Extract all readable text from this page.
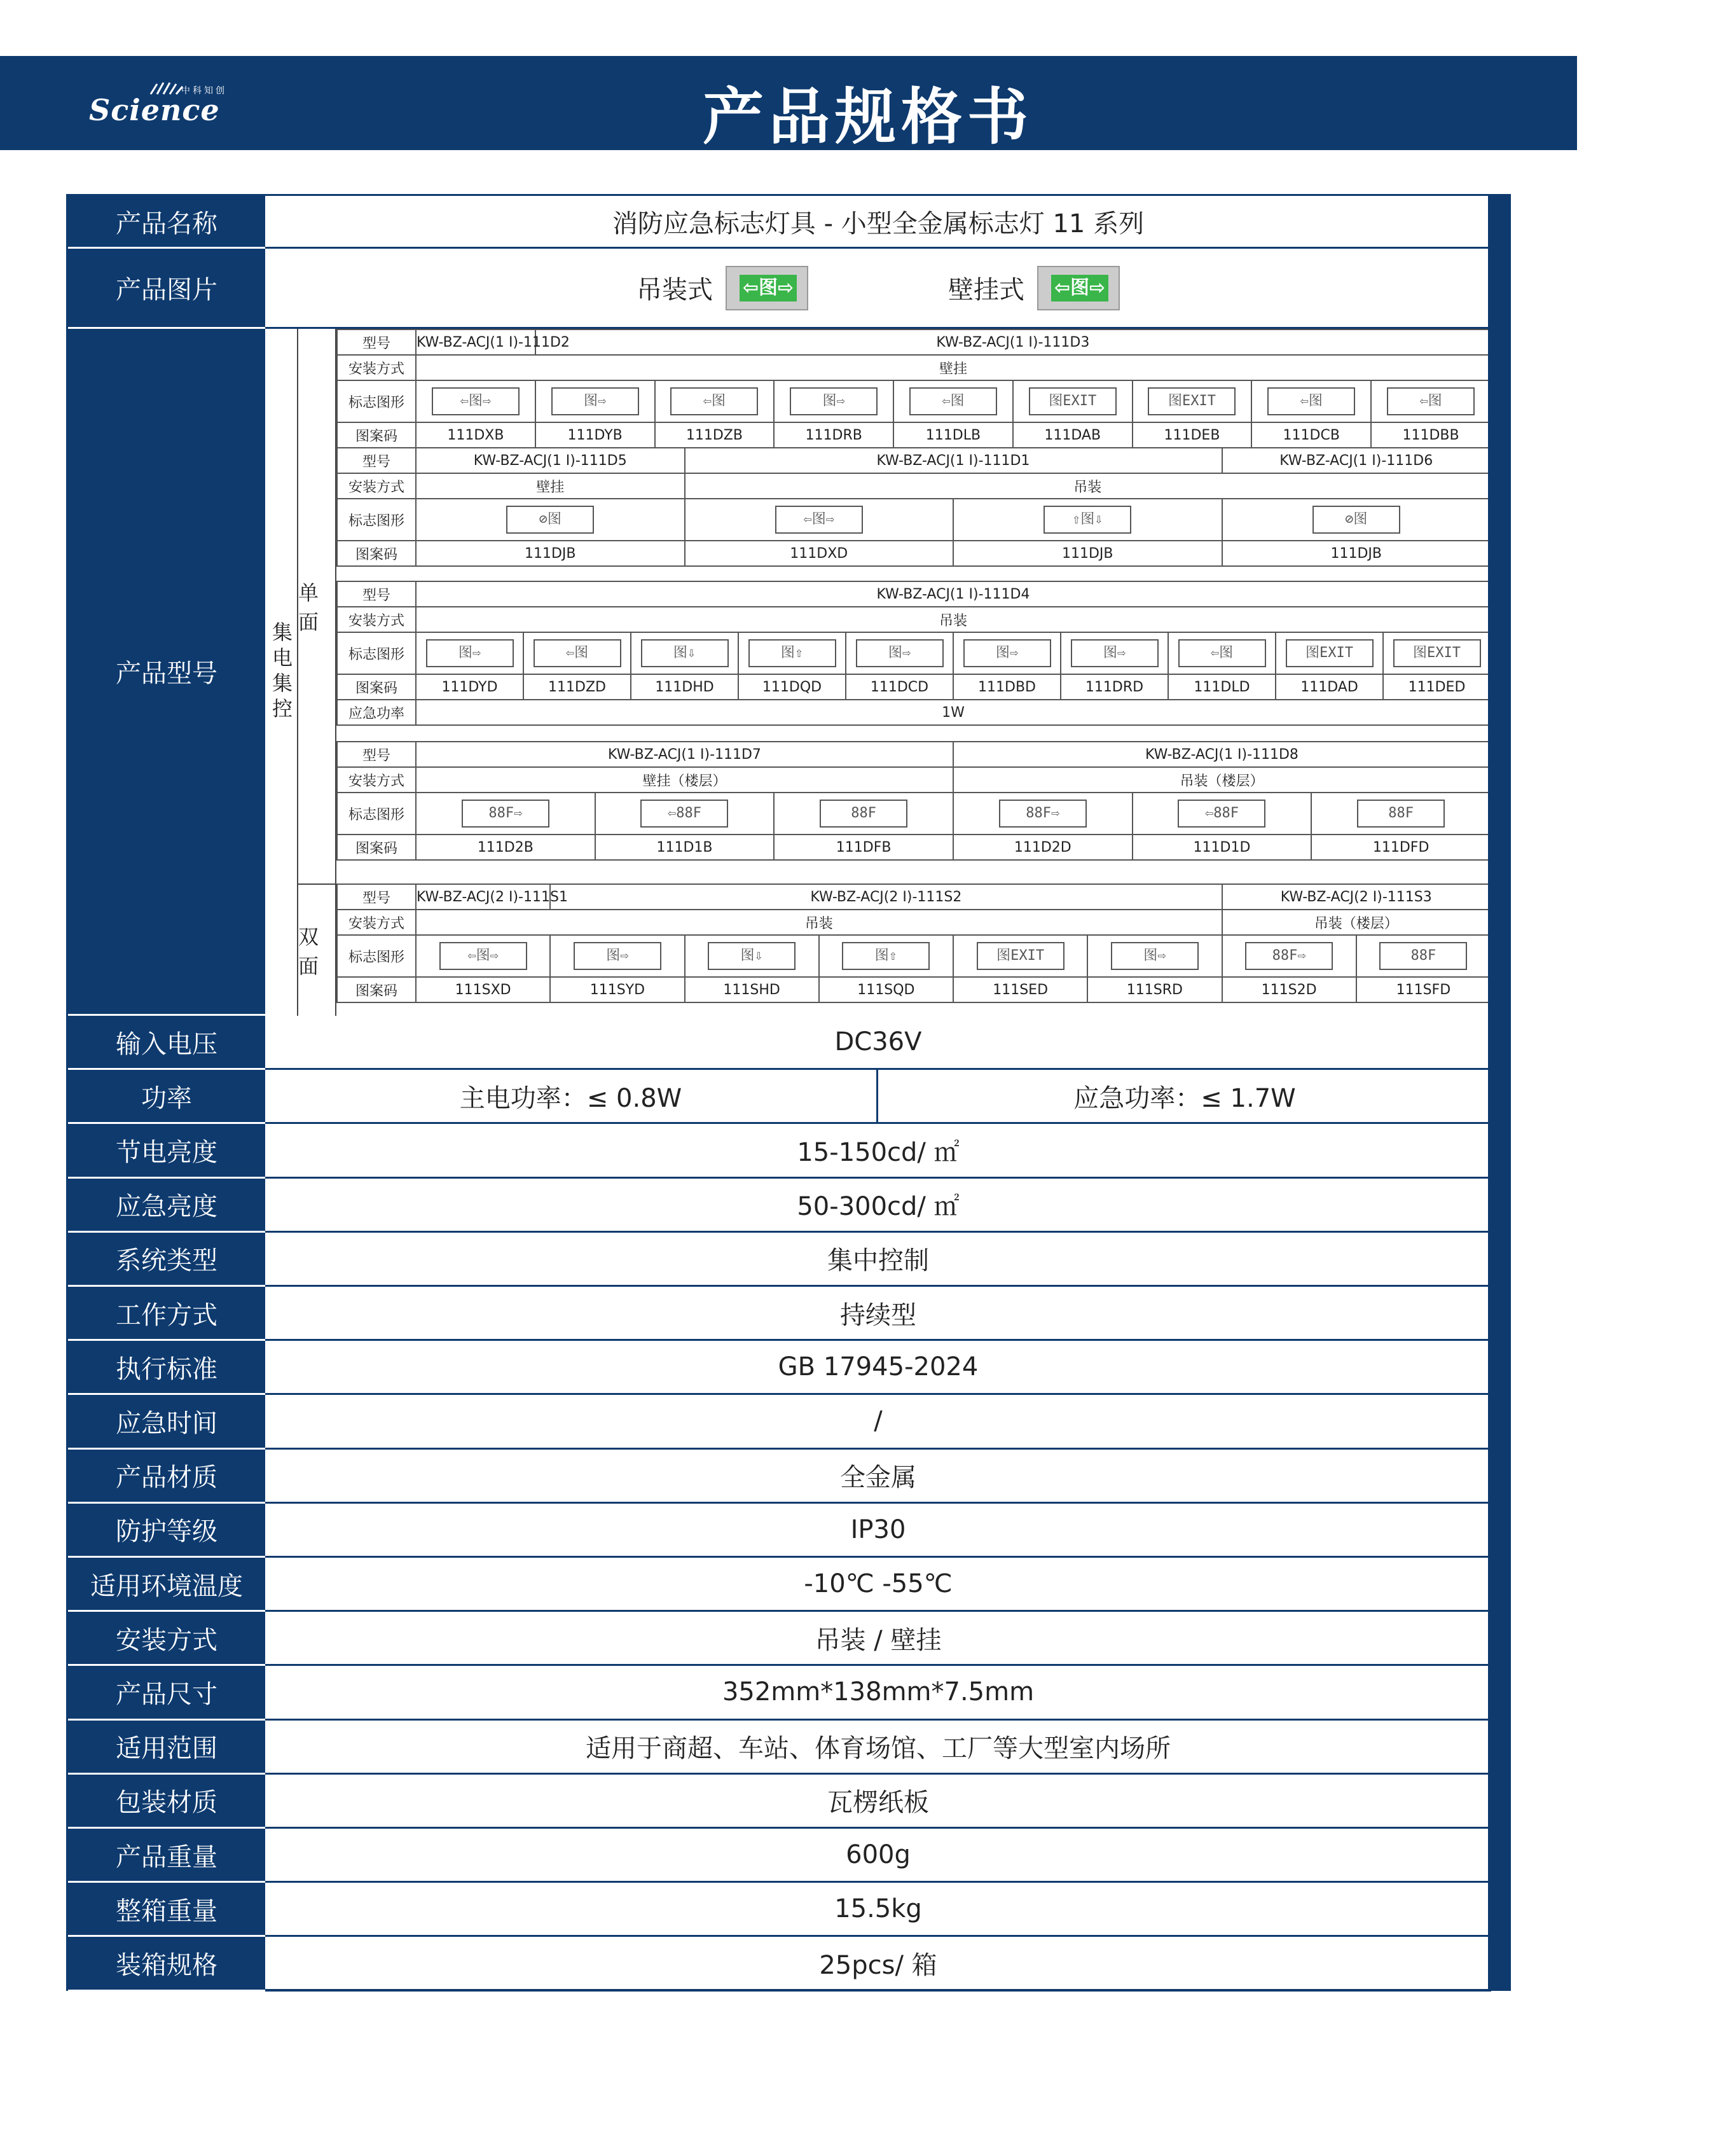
中科知创
Science	产品规格书
产品名称	消防应急标志灯具 - 小型全金属标志灯 11 系列
产品图片	吊装式 ⇦图⇨	壁挂式 ⇦图⇨
产品型号	集电集控
单面
双面
型号	KW-BZ-ACJ(1 Ⅰ)-111D2	KW-BZ-ACJ(1 Ⅰ)-111D3							
安装方式	壁挂								
标志图形	⇦图⇨	图⇨	⇦图	图⇨	⇦图	图EXIT	图EXIT	⇦图	⇦图
图案码	111DXB	111DYB	111DZB	111DRB	111DLB	111DAB	111DEB	111DCB	111DBB
型号	KW-BZ-ACJ(1 Ⅰ)-111D5	KW-BZ-ACJ(1 Ⅰ)-111D1		KW-BZ-ACJ(1 Ⅰ)-111D6
安装方式	壁挂	吊装		
标志图形	⊘图	⇦图⇨	⇧图⇩	⊘图
图案码	111DJB	111DXD	111DJB	111DJB
型号	KW-BZ-ACJ(1 Ⅰ)-111D4									
安装方式	吊装									
标志图形	图⇨	⇦图	图⇩	图⇧	图⇨	图⇨	图⇨	⇦图	图EXIT	图EXIT
图案码	111DYD	111DZD	111DHD	111DQD	111DCD	111DBD	111DRD	111DLD	111DAD	111DED
应急功率	1W									
型号	KW-BZ-ACJ(1 Ⅰ)-111D7			KW-BZ-ACJ(1 Ⅰ)-111D8		
安装方式	壁挂（楼层）			吊装（楼层）		
标志图形	88F⇨	⇦88F	88F	88F⇨	⇦88F	88F
图案码	111D2B	111D1B	111DFB	111D2D	111D1D	111DFD
型号	KW-BZ-ACJ(2 Ⅰ)-111S1	KW-BZ-ACJ(2 Ⅰ)-111S2					KW-BZ-ACJ(2 Ⅰ)-111S3	
安装方式	吊装						吊装（楼层）	
标志图形	⇦图⇨	图⇨	图⇩	图⇧	图EXIT	图⇨	88F⇨	88F
图案码	111SXD	111SYD	111SHD	111SQD	111SED	111SRD	111S2D	111SFD
输入电压	DC36V
功率	主电功率：≤ 0.8W	应急功率：≤ 1.7W
节电亮度	15-150cd/ ㎡
应急亮度	50-300cd/ ㎡
系统类型	集中控制
工作方式	持续型
执行标准	GB 17945-2024
应急时间	/
产品材质	全金属
防护等级	IP30
适用环境温度	-10℃ -55℃
安装方式	吊装 / 壁挂
产品尺寸	352mm*138mm*7.5mm
适用范围	适用于商超、车站、体育场馆、工厂等大型室内场所
包装材质	瓦楞纸板
产品重量	600g
整箱重量	15.5kg
装箱规格	25pcs/ 箱
